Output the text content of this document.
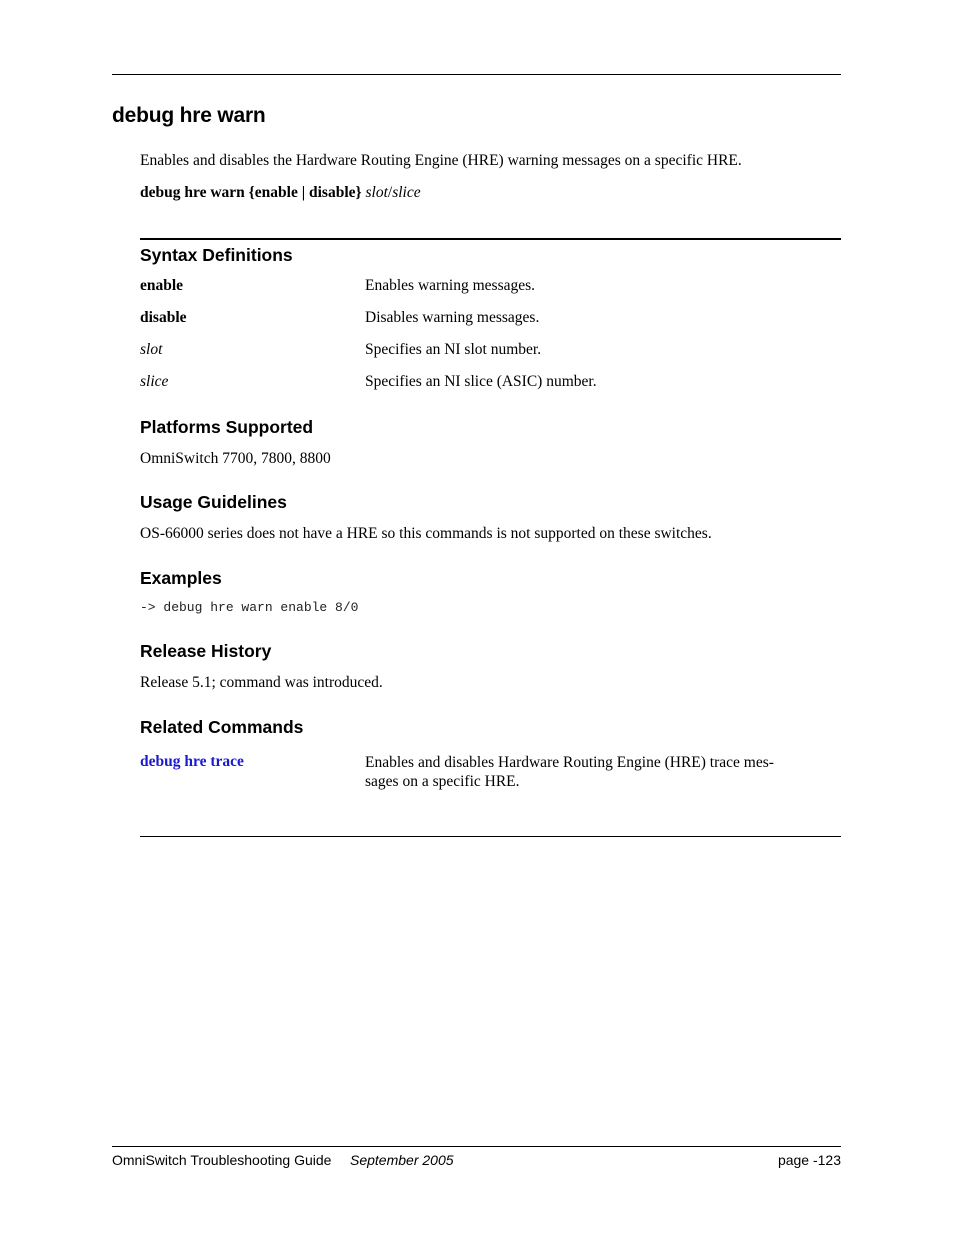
debug hre warn
Enables and disables the Hardware Routing Engine (HRE) warning messages on a specific HRE.
debug hre warn {enable | disable} slot/slice
Syntax Definitions
enable	Enables warning messages.
disable	Disables warning messages.
slot	Specifies an NI slot number.
slice	Specifies an NI slice (ASIC) number.
Platforms Supported
OmniSwitch 7700, 7800, 8800
Usage Guidelines
OS-66000 series does not have a HRE so this commands is not supported on these switches.
Examples
-> debug hre warn enable 8/0
Release History
Release 5.1; command was introduced.
Related Commands
debug hre trace	Enables and disables Hardware Routing Engine (HRE) trace mes-
sages on a specific HRE.
OmniSwitch Troubleshooting Guide September 2005	page -123
